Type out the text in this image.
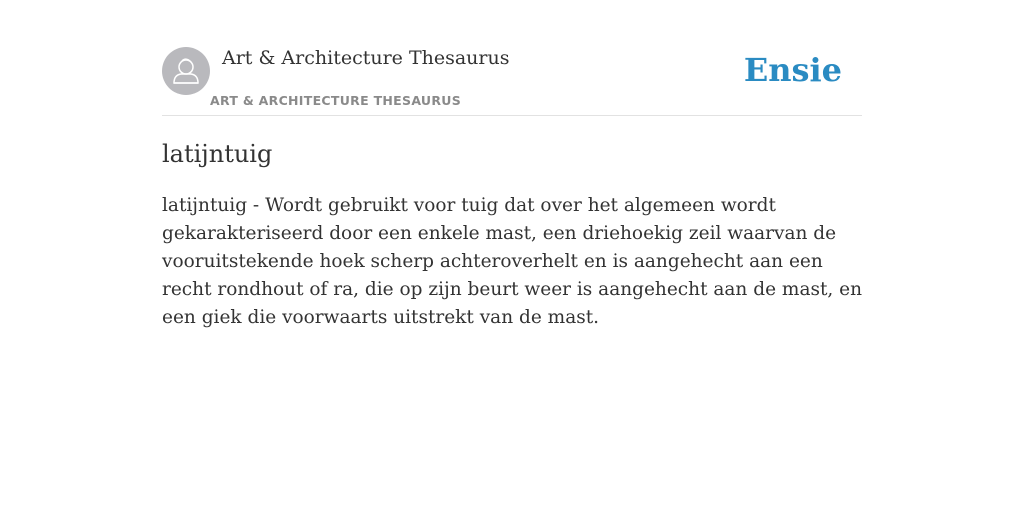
Art & Architecture Thesaurus
ART & ARCHITECTURE THESAURUS
Ensie
latijntuig

latijntuig - Wordt gebruikt voor tuig dat over het algemeen wordt gekarakteriseerd door een enkele mast, een driehoekig zeil waarvan de vooruitstekende hoek scherp achteroverhelt en is aangehecht aan een recht rondhout of ra, die op zijn beurt weer is aangehecht aan de mast, en een giek die voorwaarts uitstrekt van de mast.
